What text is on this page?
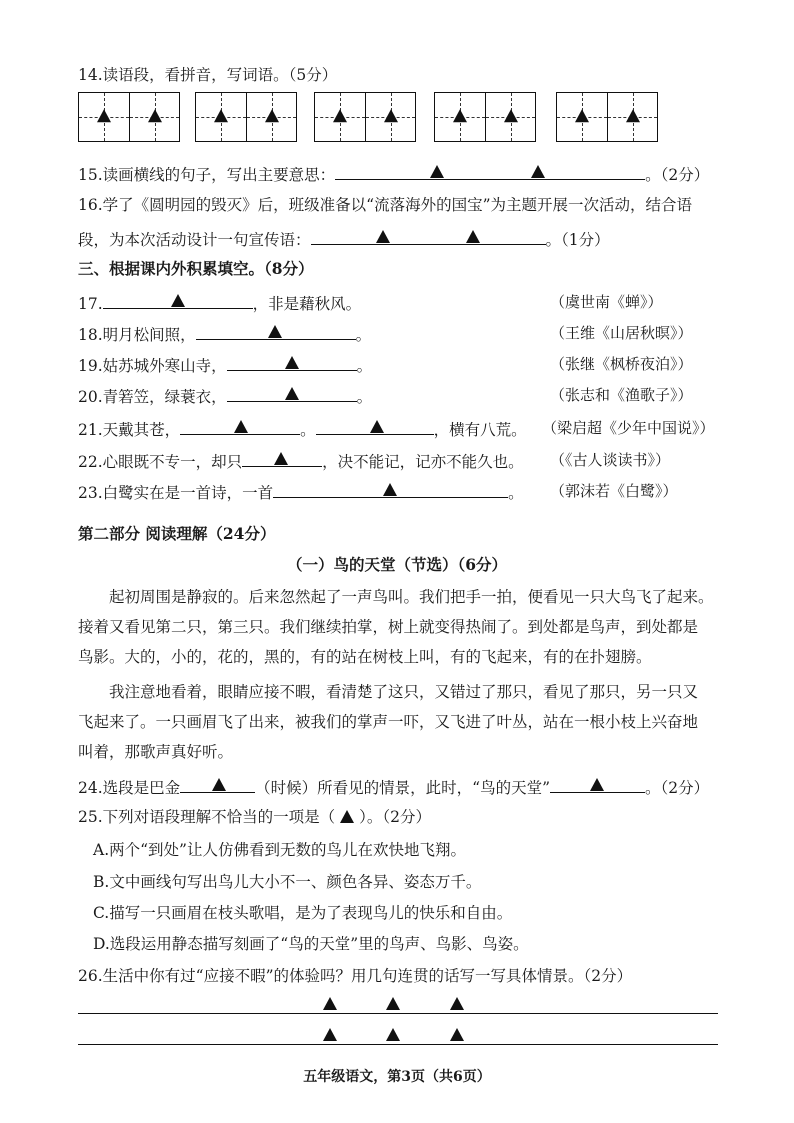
14.读语段，看拼音，写词语。（5分）
15.读画横线的句子，写出主要意思：	。（2分）
16.学了《圆明园的毁灭》后，班级准备以“流落海外的国宝”为主题开展一次活动，结合语
段，为本次活动设计一句宣传语：	。（1分）
三、根据课内外积累填空。（8分）
17.	，非是藉秋风。	（虞世南《蝉》）
18.明月松间照，	。	（王维《山居秋暝》）
19.姑苏城外寒山寺，	。	（张继《枫桥夜泊》）
20.青箬笠，绿蓑衣，	。	（张志和《渔歌子》）
21.天戴其苍，	。	，横有八荒。 （梁启超《少年中国说》）
22.心眼既不专一，却只	，决不能记，记亦不能久也。 （《古人谈读书》）
23.白鹭实在是一首诗，一首	。 （郭沫若《白鹭》）
第二部分 阅读理解（24分）
（一）鸟的天堂（节选）（6分）
起初周围是静寂的。后来忽然起了一声鸟叫。我们把手一拍，便看见一只大鸟飞了起来。
接着又看见第二只，第三只。我们继续拍掌，树上就变得热闹了。到处都是鸟声，到处都是
鸟影。大的，小的，花的，黑的，有的站在树枝上叫，有的飞起来，有的在扑翅膀。
我注意地看着，眼睛应接不暇，看清楚了这只，又错过了那只，看见了那只，另一只又
飞起来了。一只画眉飞了出来，被我们的掌声一吓，又飞进了叶丛，站在一根小枝上兴奋地
叫着，那歌声真好听。
24.选段是巴金	（时候）所看见的情景，此时，“鸟的天堂”	。（2分）
25.下列对语段理解不恰当的一项是（ ）。（2分）
A.两个“到处”让人仿佛看到无数的鸟儿在欢快地飞翔。
B.文中画线句写出鸟儿大小不一、颜色各异、姿态万千。
C.描写一只画眉在枝头歌唱，是为了表现鸟儿的快乐和自由。
D.选段运用静态描写刻画了“鸟的天堂”里的鸟声、鸟影、鸟姿。
26.生活中你有过“应接不暇”的体验吗？用几句连贯的话写一写具体情景。（2分）
五年级语文，第3页（共6页）
